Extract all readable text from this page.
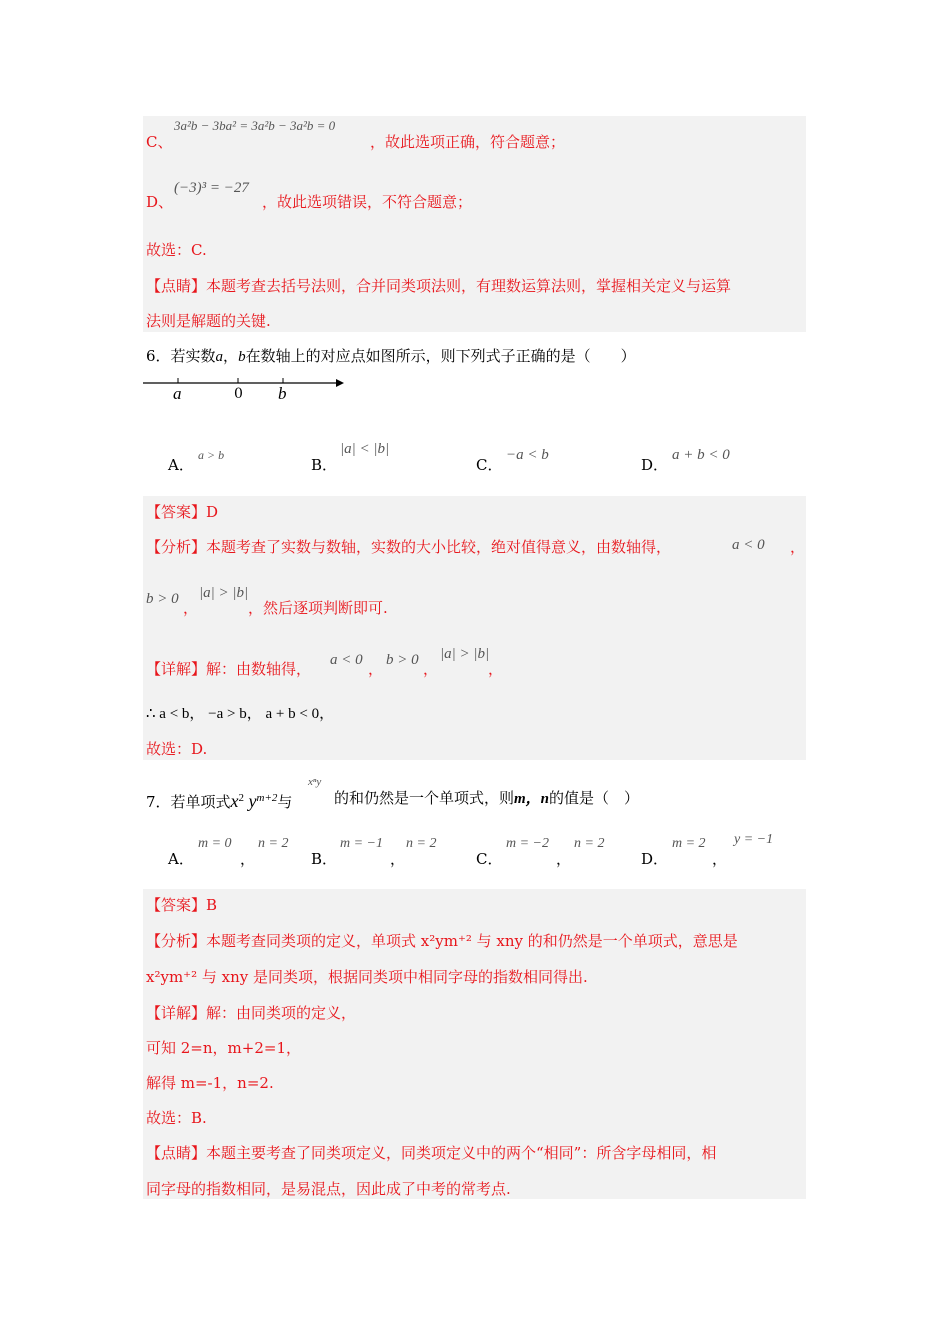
C、
3a²b − 3ba² = 3a²b − 3a²b = 0
，故此选项正确，符合题意；
D、
(−3)³ = −27
，故此选项错误，不符合题意；
故选：C.
【点睛】本题考查去括号法则，合并同类项法则，有理数运算法则，掌握相关定义与运算
法则是解题的关键.
6．若实数a，b在数轴上的对应点如图所示，则下列式子正确的是（　　）
a	0 b
A．
a > b
B．
|a| < |b|
C．
−a < b
D．
a + b < 0
【答案】D
【分析】本题考查了实数与数轴，实数的大小比较，绝对值得意义，由数轴得，	a < 0 ，
b > 0 ，
|a| > |b|
，然后逐项判断即可.
【详解】解：由数轴得， a < 0 ， b > 0 ，
|a| > |b|
，
∴ a < b， −a > b， a + b < 0，
故选：D.
7．若单项式$x^2$ $y^{m+2}$与
xⁿy
的和仍然是一个单项式，则m，n的值是（　）
A．
m = 0
，
n = 2
B．
m = −1
，
n = 2
C．
m = −2
，
n = 2
D．
m = 2
，
y = −1
【答案】B
【分析】本题考查同类项的定义，单项式 x²ym⁺² 与 xny 的和仍然是一个单项式，意思是
x²ym⁺² 与 xny 是同类项，根据同类项中相同字母的指数相同得出.
【详解】解：由同类项的定义，
可知 2=n，m+2=1，
解得 m=-1，n=2.
故选：B.
【点睛】本题主要考查了同类项定义，同类项定义中的两个“相同”：所含字母相同，相
同字母的指数相同，是易混点，因此成了中考的常考点.
